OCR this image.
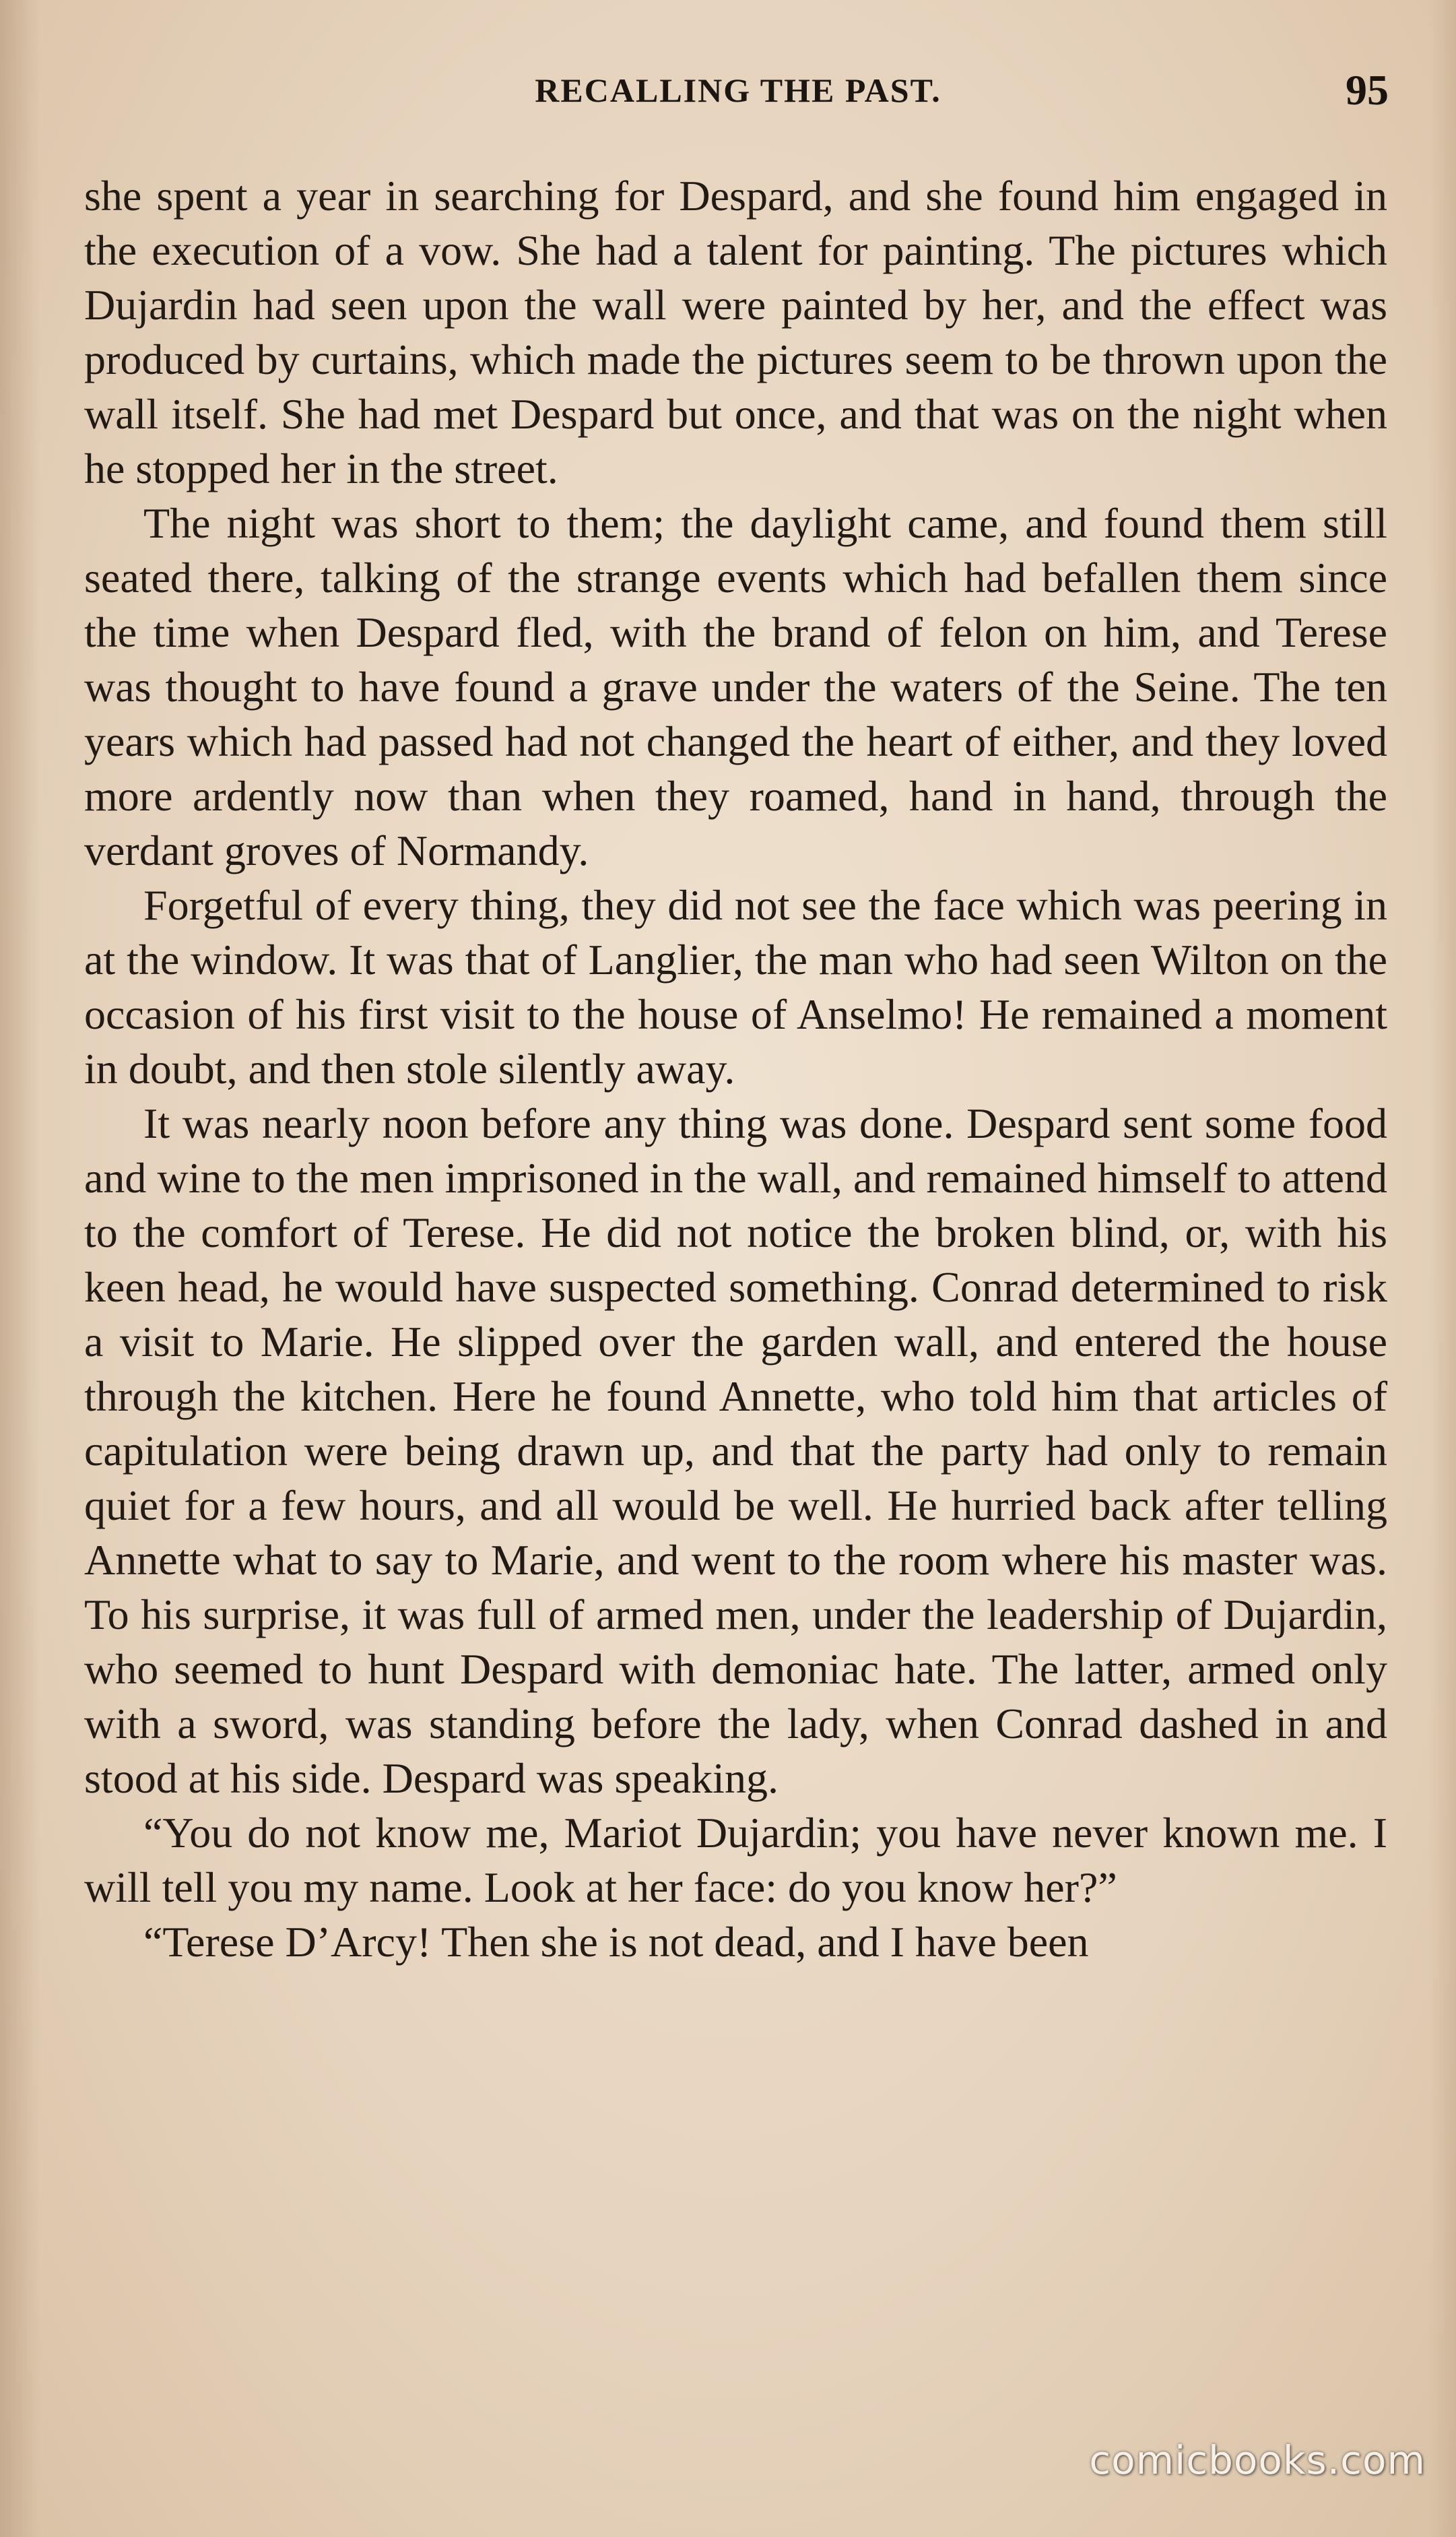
RECALLING THE PAST.	95

she spent a year in searching for Despard, and she found him engaged in the execution of a vow. She had a talent for painting. The pictures which Dujardin had seen upon the wall were painted by her, and the effect was produced by curtains, which made the pictures seem to be thrown upon the wall itself. She had met Despard but once, and that was on the night when he stopped her in the street.

The night was short to them; the daylight came, and found them still seated there, talking of the strange events which had befallen them since the time when Despard fled, with the brand of felon on him, and Terese was thought to have found a grave under the waters of the Seine. The ten years which had passed had not changed the heart of either, and they loved more ardently now than when they roamed, hand in hand, through the verdant groves of Normandy.

Forgetful of every thing, they did not see the face which was peering in at the window. It was that of Langlier, the man who had seen Wilton on the occasion of his first visit to the house of Anselmo! He remained a moment in doubt, and then stole silently away.

It was nearly noon before any thing was done. Despard sent some food and wine to the men imprisoned in the wall, and remained himself to attend to the comfort of Terese. He did not notice the broken blind, or, with his keen head, he would have suspected something. Conrad determined to risk a visit to Marie. He slipped over the garden wall, and entered the house through the kitchen. Here he found Annette, who told him that articles of capitulation were being drawn up, and that the party had only to remain quiet for a few hours, and all would be well. He hurried back after telling Annette what to say to Marie, and went to the room where his master was. To his surprise, it was full of armed men, under the leadership of Dujardin, who seemed to hunt Despard with demoniac hate. The latter, armed only with a sword, was standing before the lady, when Conrad dashed in and stood at his side. Despard was speaking.

“You do not know me, Mariot Dujardin; you have never known me. I will tell you my name. Look at her face: do you know her?”

“Terese D’Arcy! Then she is not dead, and I have been

comicbooks.com
